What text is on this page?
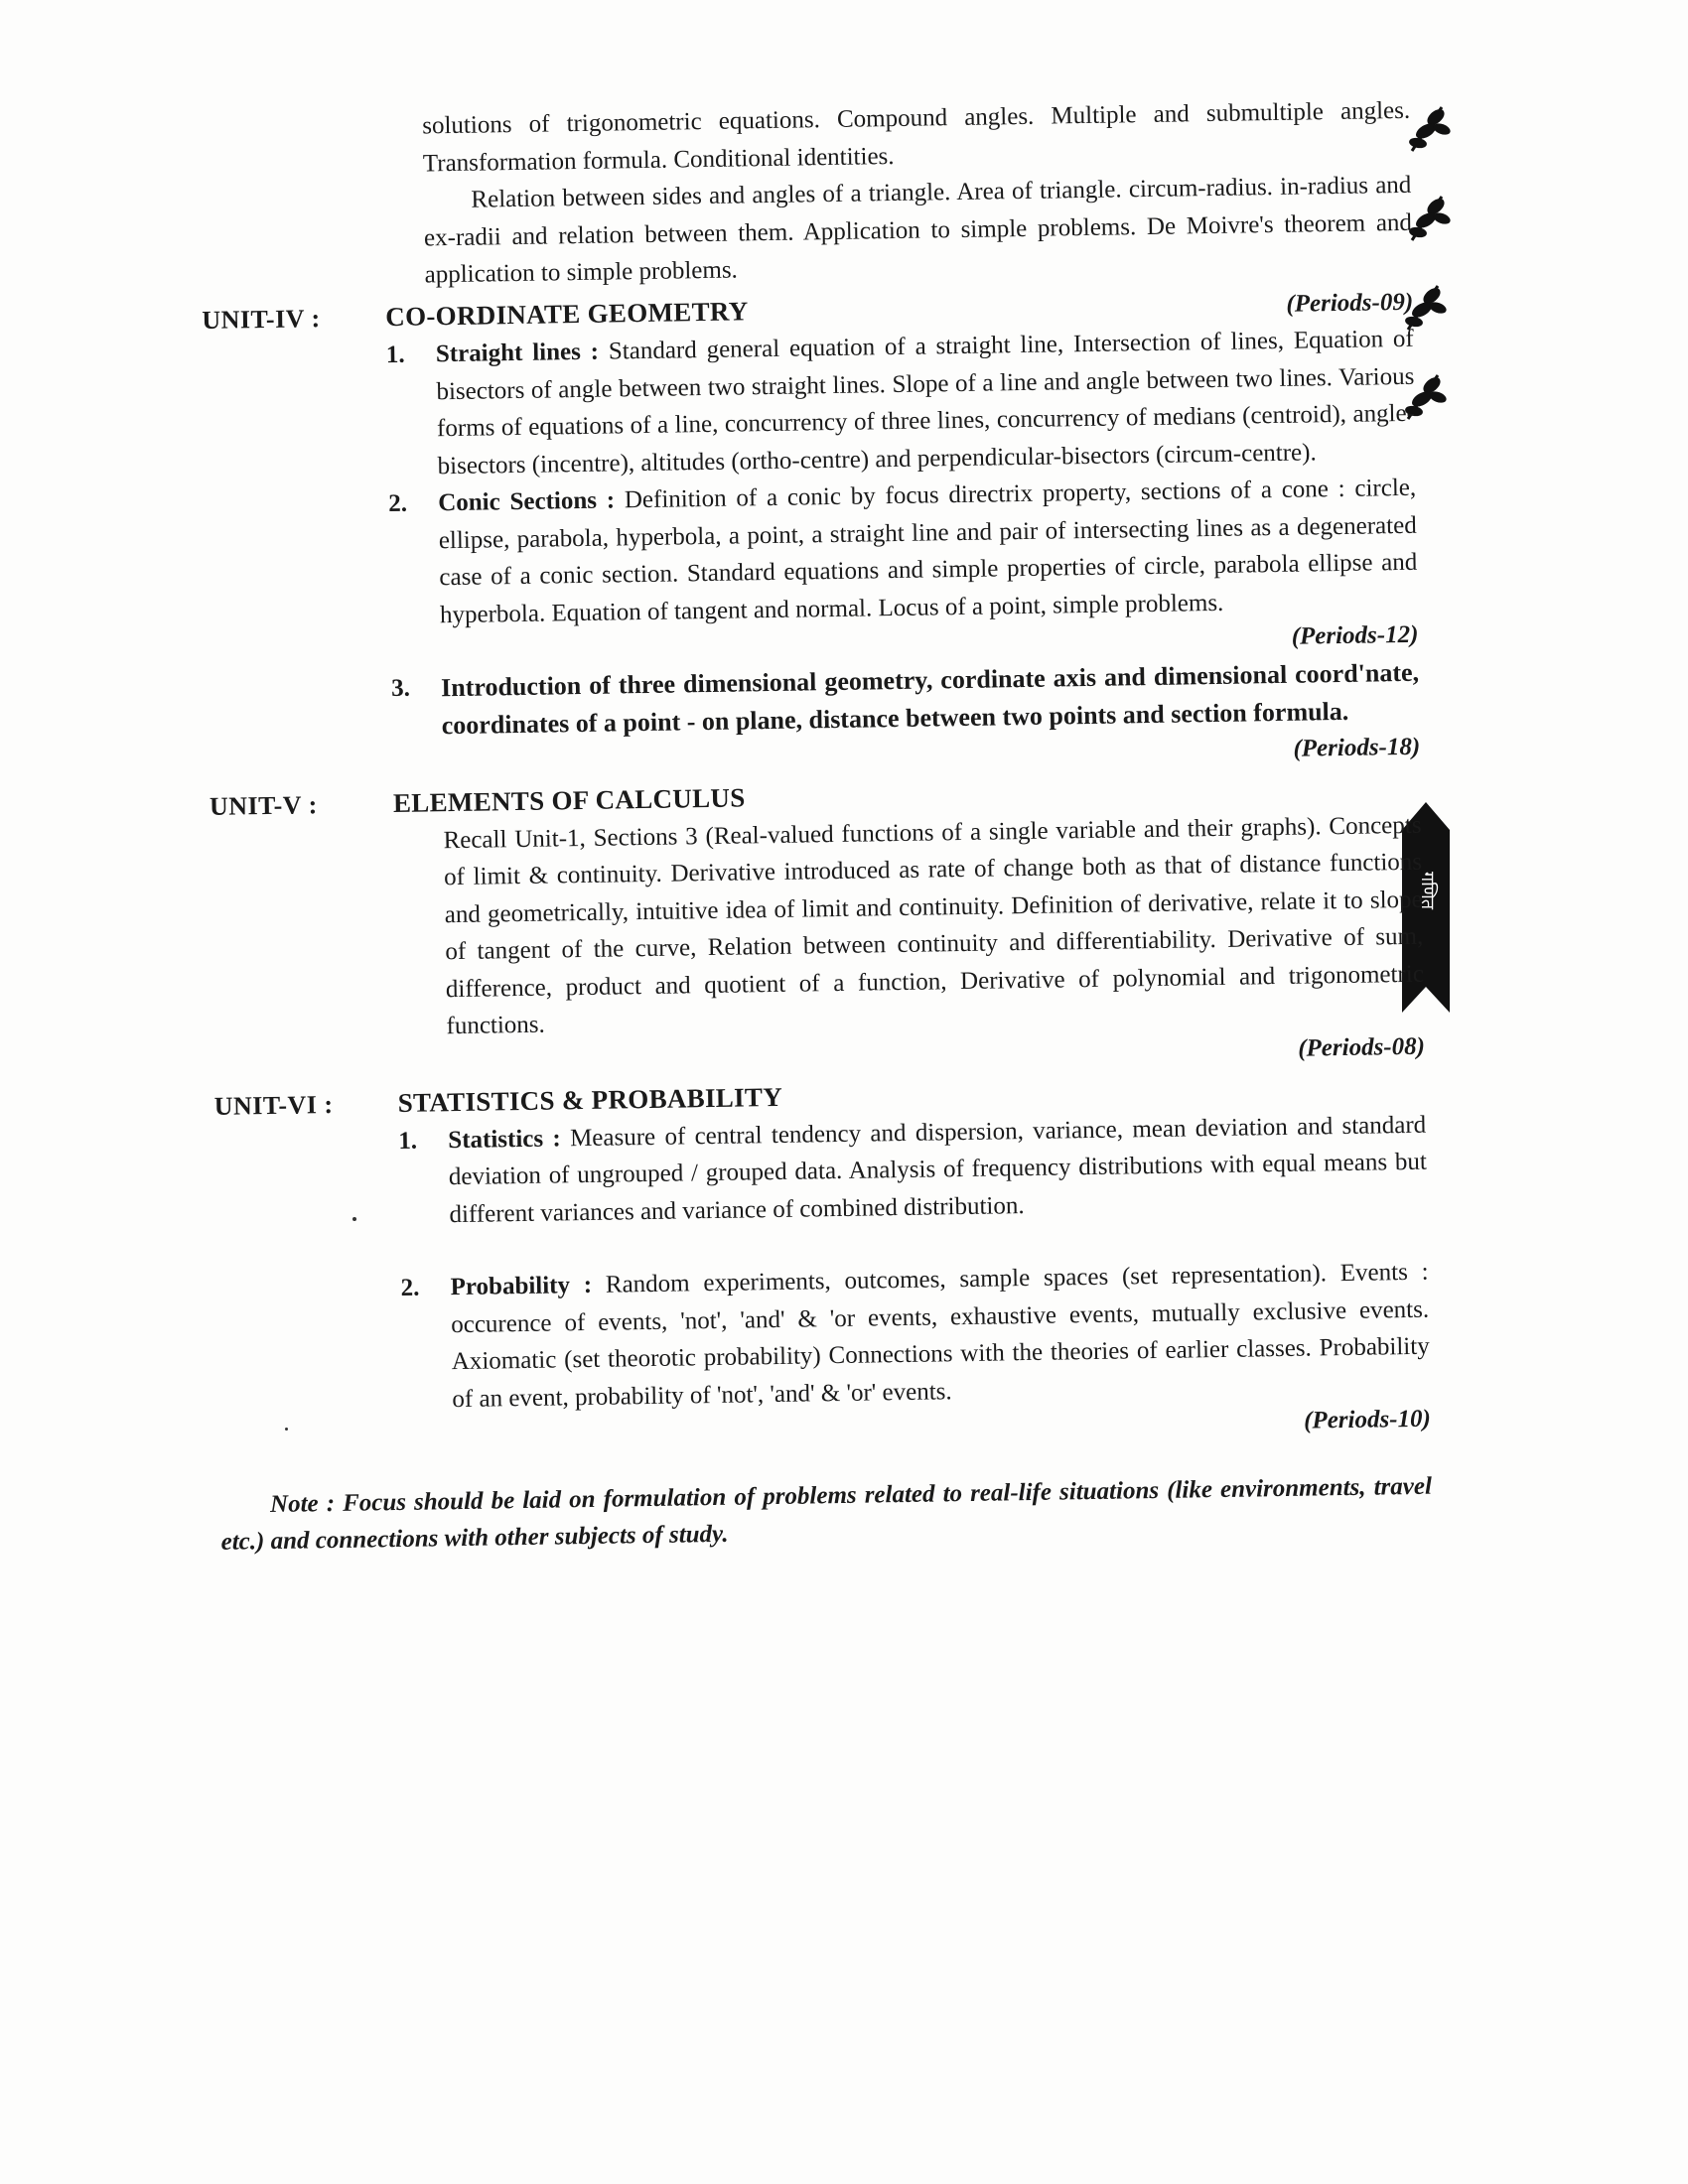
गणित
solutions of trigonometric equations. Compound angles. Multiple and submultiple angles. Transformation formula. Conditional identities.
Relation between sides and angles of a triangle. Area of triangle. circum-radius. in-radius and ex-radii and relation between them. Application to simple problems. De Moivre's theorem and application to simple problems.
UNIT-IV : CO-ORDINATE GEOMETRY	(Periods-09)
1. Straight lines : Standard general equation of a straight line, Intersection of lines, Equation of bisectors of angle between two straight lines. Slope of a line and angle between two lines. Various forms of equations of a line, concurrency of three lines, concurrency of medians (centroid), angle-bisectors (incentre), altitudes (ortho-centre) and perpendicular-bisectors (circum-centre).
2. Conic Sections : Definition of a conic by focus directrix property, sections of a cone : circle, ellipse, parabola, hyperbola, a point, a straight line and pair of intersecting lines as a degenerated case of a conic section. Standard equations and simple properties of circle, parabola ellipse and hyperbola. Equation of tangent and normal. Locus of a point, simple problems.
(Periods-12)
3. Introduction of three dimensional geometry, cordinate axis and dimensional coord'nate, coordinates of a point - on plane, distance between two points and section formula.
(Periods-18)
UNIT-V :	ELEMENTS OF CALCULUS
Recall Unit-1, Sections 3 (Real-valued functions of a single variable and their graphs). Concepts of limit & continuity. Derivative introduced as rate of change both as that of distance functions and geometrically, intuitive idea of limit and continuity. Definition of derivative, relate it to slope of tangent of the curve, Relation between continuity and differentiability. Derivative of sum, difference, product and quotient of a function, Derivative of polynomial and trigonometric functions.
(Periods-08)
UNIT-VI : STATISTICS & PROBABILITY
1. Statistics : Measure of central tendency and dispersion, variance, mean deviation and standard deviation of ungrouped / grouped data. Analysis of frequency distributions with equal means but different variances and variance of combined distribution.
2. Probability : Random experiments, outcomes, sample spaces (set representation). Events : occurence of events, 'not', 'and' & 'or events, exhaustive events, mutually exclusive events. Axiomatic (set theorotic probability) Connections with the theories of earlier classes. Probability of an event, probability of 'not', 'and' & 'or' events.
(Periods-10)
Note : Focus should be laid on formulation of problems related to real-life situations (like environments, travel etc.) and connections with other subjects of study.
